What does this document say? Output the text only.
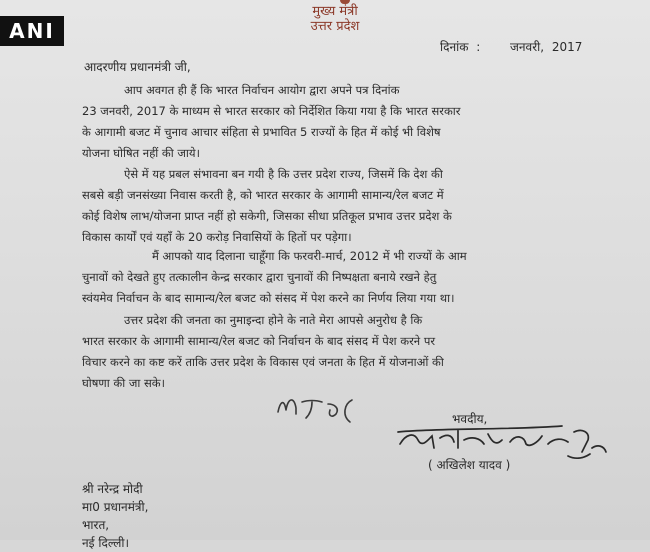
ANI
मुख्य मंत्री
उत्तर प्रदेश
दिनांक : जनवरी, 2017
आदरणीय प्रधानमंत्री जी,
आप अवगत ही हैं कि भारत निर्वाचन आयोग द्वारा अपने पत्र दिनांक
23 जनवरी, 2017 के माध्यम से भारत सरकार को निर्देशित किया गया है कि भारत सरकार
के आगामी बजट में चुनाव आचार संहिता से प्रभावित 5 राज्यों के हित में कोई भी विशेष
योजना घोषित नहीं की जाये।
ऐसे में यह प्रबल संभावना बन गयी है कि उत्तर प्रदेश राज्य, जिसमें कि देश की
सबसे बड़ी जनसंख्या निवास करती है, को भारत सरकार के आगामी सामान्य/रेल बजट में
कोई विशेष लाभ/योजना प्राप्त नहीं हो सकेगी, जिसका सीधा प्रतिकूल प्रभाव उत्तर प्रदेश के
विकास कार्यों एवं यहाँ के 20 करोड़ निवासियों के हितों पर पड़ेगा।
मैं आपको याद दिलाना चाहूँगा कि फरवरी-मार्च, 2012 में भी राज्यों के आम
चुनावों को देखते हुए तत्कालीन केन्द्र सरकार द्वारा चुनावों की निष्पक्षता बनाये रखने हेतु
स्वंयमेव निर्वाचन के बाद सामान्य/रेल बजट को संसद में पेश करने का निर्णय लिया गया था।
उत्तर प्रदेश की जनता का नुमाइन्दा होने के नाते मेरा आपसे अनुरोध है कि
भारत सरकार के आगामी सामान्य/रेल बजट को निर्वाचन के बाद संसद में पेश करने पर
विचार करने का कष्ट करें ताकि उत्तर प्रदेश के विकास एवं जनता के हित में योजनाओं की
घोषणा की जा सके।
भवदीय,
( अखिलेश यादव )
श्री नरेन्द्र मोदी
मा0 प्रधानमंत्री,
भारत,
नई दिल्ली।
